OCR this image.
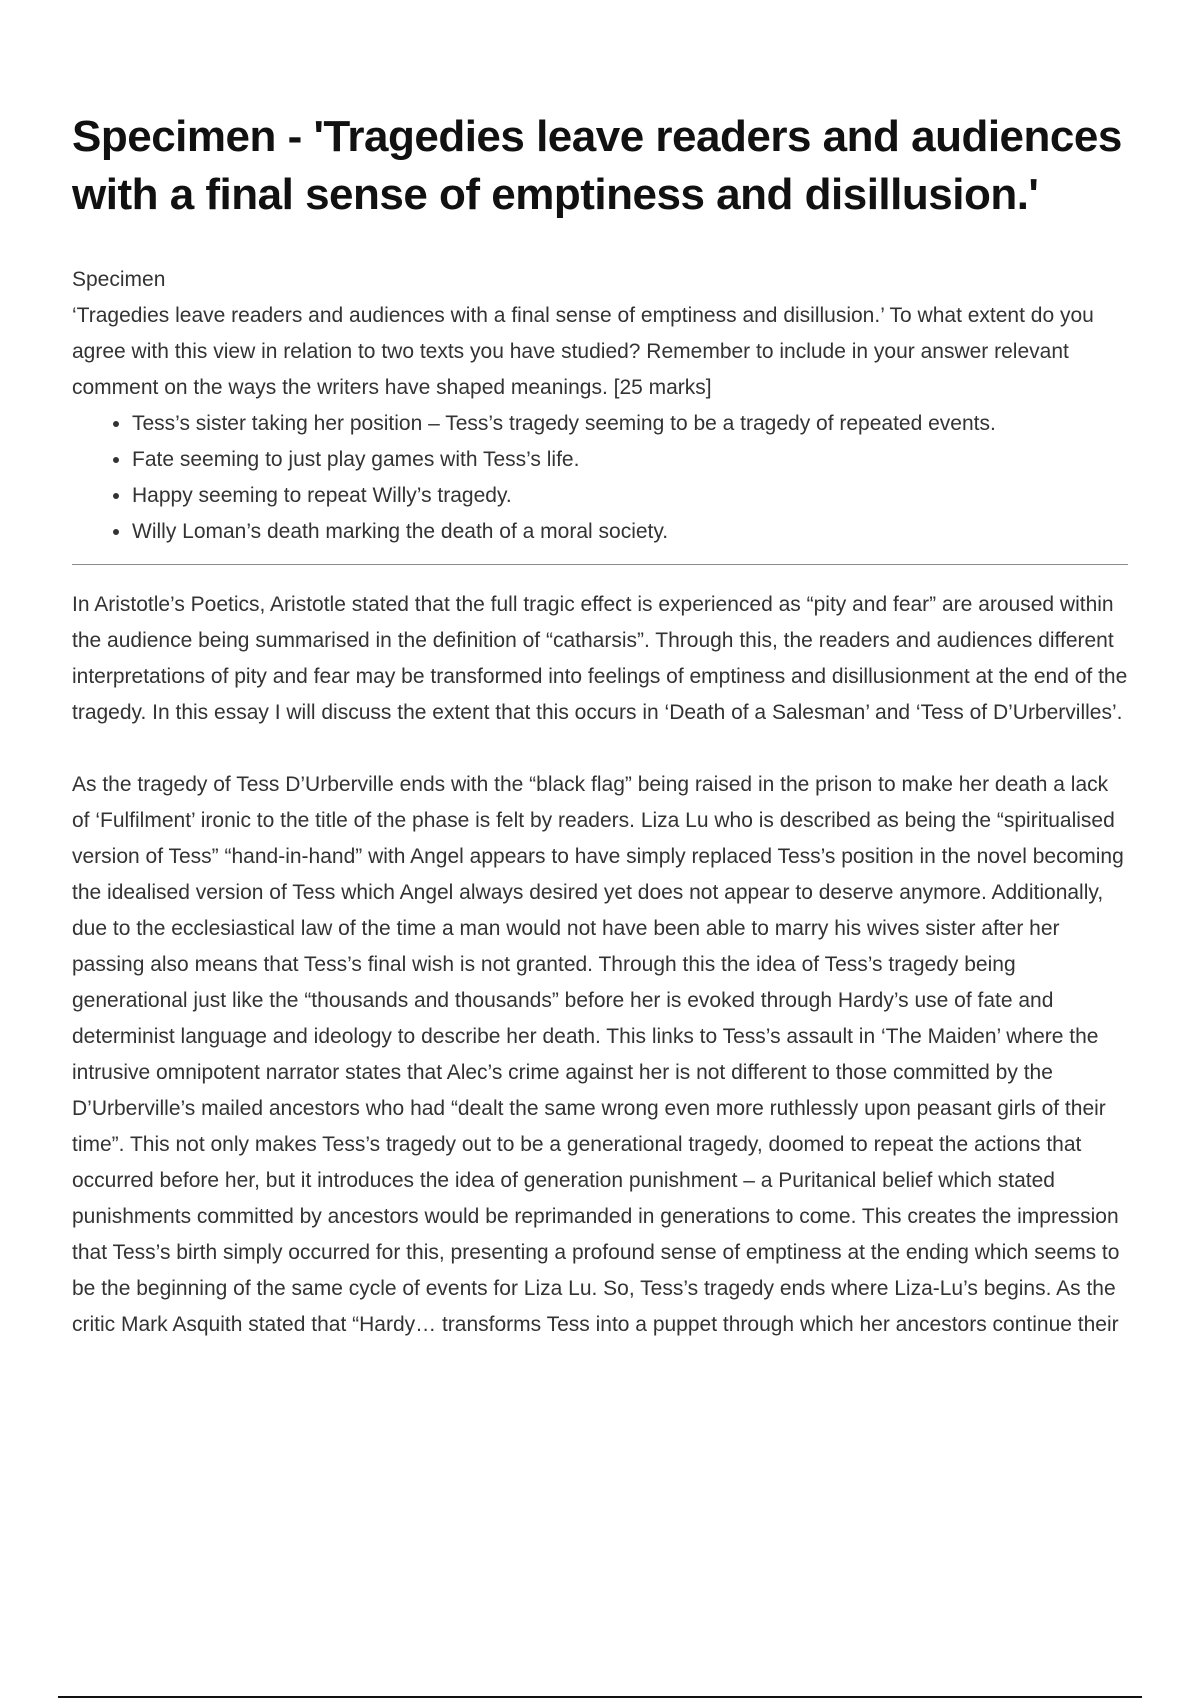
Specimen - 'Tragedies leave readers and audiences with a final sense of emptiness and disillusion.'
Specimen
‘Tragedies leave readers and audiences with a final sense of emptiness and disillusion.’ To what extent do you agree with this view in relation to two texts you have studied? Remember to include in your answer relevant comment on the ways the writers have shaped meanings. [25 marks]
• Tess’s sister taking her position – Tess’s tragedy seeming to be a tragedy of repeated events.
• Fate seeming to just play games with Tess’s life.
• Happy seeming to repeat Willy’s tragedy.
• Willy Loman’s death marking the death of a moral society.

In Aristotle’s Poetics, Aristotle stated that the full tragic effect is experienced as “pity and fear” are aroused within the audience being summarised in the definition of “catharsis”. Through this, the readers and audiences different interpretations of pity and fear may be transformed into feelings of emptiness and disillusionment at the end of the tragedy. In this essay I will discuss the extent that this occurs in ‘Death of a Salesman’ and ‘Tess of D’Urbervilles’.

As the tragedy of Tess D’Urberville ends with the “black flag” being raised in the prison to make her death a lack of ‘Fulfilment’ ironic to the title of the phase is felt by readers. Liza Lu who is described as being the “spiritualised version of Tess” “hand-in-hand” with Angel appears to have simply replaced Tess’s position in the novel becoming the idealised version of Tess which Angel always desired yet does not appear to deserve anymore. Additionally, due to the ecclesiastical law of the time a man would not have been able to marry his wives sister after her passing also means that Tess’s final wish is not granted. Through this the idea of Tess’s tragedy being generational just like the “thousands and thousands” before her is evoked through Hardy’s use of fate and determinist language and ideology to describe her death. This links to Tess’s assault in ‘The Maiden’ where the intrusive omnipotent narrator states that Alec’s crime against her is not different to those committed by the D’Urberville’s mailed ancestors who had “dealt the same wrong even more ruthlessly upon peasant girls of their time”. This not only makes Tess’s tragedy out to be a generational tragedy, doomed to repeat the actions that occurred before her, but it introduces the idea of generation punishment – a Puritanical belief which stated punishments committed by ancestors would be reprimanded in generations to come. This creates the impression that Tess’s birth simply occurred for this, presenting a profound sense of emptiness at the ending which seems to be the beginning of the same cycle of events for Liza Lu. So, Tess’s tragedy ends where Liza-Lu’s begins. As the critic Mark Asquith stated that “Hardy… transforms Tess into a puppet through which her ancestors continue their
